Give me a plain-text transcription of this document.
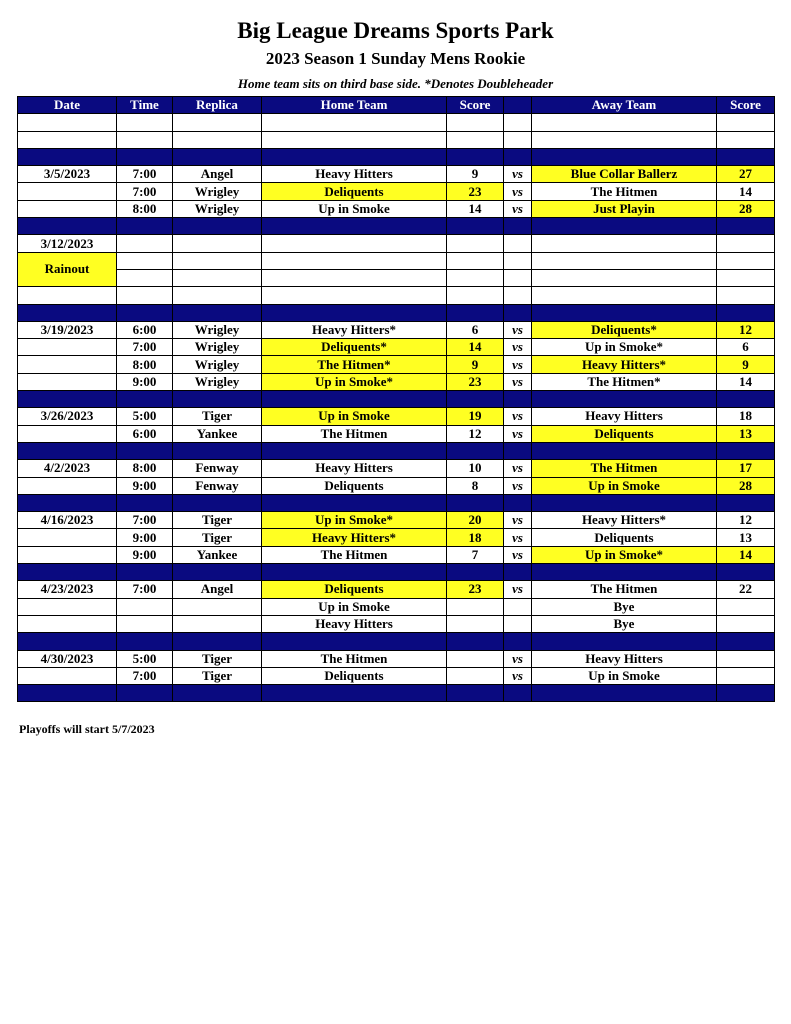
Big League Dreams Sports Park
2023 Season 1 Sunday Mens Rookie
Home team sits on third base side. *Denotes Doubleheader
Date	Time	Replica	Home Team	Score		Away Team	Score

3/5/2023	7:00	Angel	Heavy Hitters	9	vs	Blue Collar Ballerz	27
	7:00	Wrigley	Deliquents	23	vs	The Hitmen	14
	8:00	Wrigley	Up in Smoke	14	vs	Just Playin	28

3/12/2023							
Rainout							

3/19/2023	6:00	Wrigley	Heavy Hitters*	6	vs	Deliquents*	12
	7:00	Wrigley	Deliquents*	14	vs	Up in Smoke*	6
	8:00	Wrigley	The Hitmen*	9	vs	Heavy Hitters*	9
	9:00	Wrigley	Up in Smoke*	23	vs	The Hitmen*	14

3/26/2023	5:00	Tiger	Up in Smoke	19	vs	Heavy Hitters	18
	6:00	Yankee	The Hitmen	12	vs	Deliquents	13

4/2/2023	8:00	Fenway	Heavy Hitters	10	vs	The Hitmen	17
	9:00	Fenway	Deliquents	8	vs	Up in Smoke	28

4/16/2023	7:00	Tiger	Up in Smoke*	20	vs	Heavy Hitters*	12
	9:00	Tiger	Heavy Hitters*	18	vs	Deliquents	13
	9:00	Yankee	The Hitmen	7	vs	Up in Smoke*	14

4/23/2023	7:00	Angel	Deliquents	23	vs	The Hitmen	22
			Up in Smoke			Bye	
			Heavy Hitters			Bye	

4/30/2023	5:00	Tiger	The Hitmen		vs	Heavy Hitters	
	7:00	Tiger	Deliquents		vs	Up in Smoke	

Playoffs will start 5/7/2023
